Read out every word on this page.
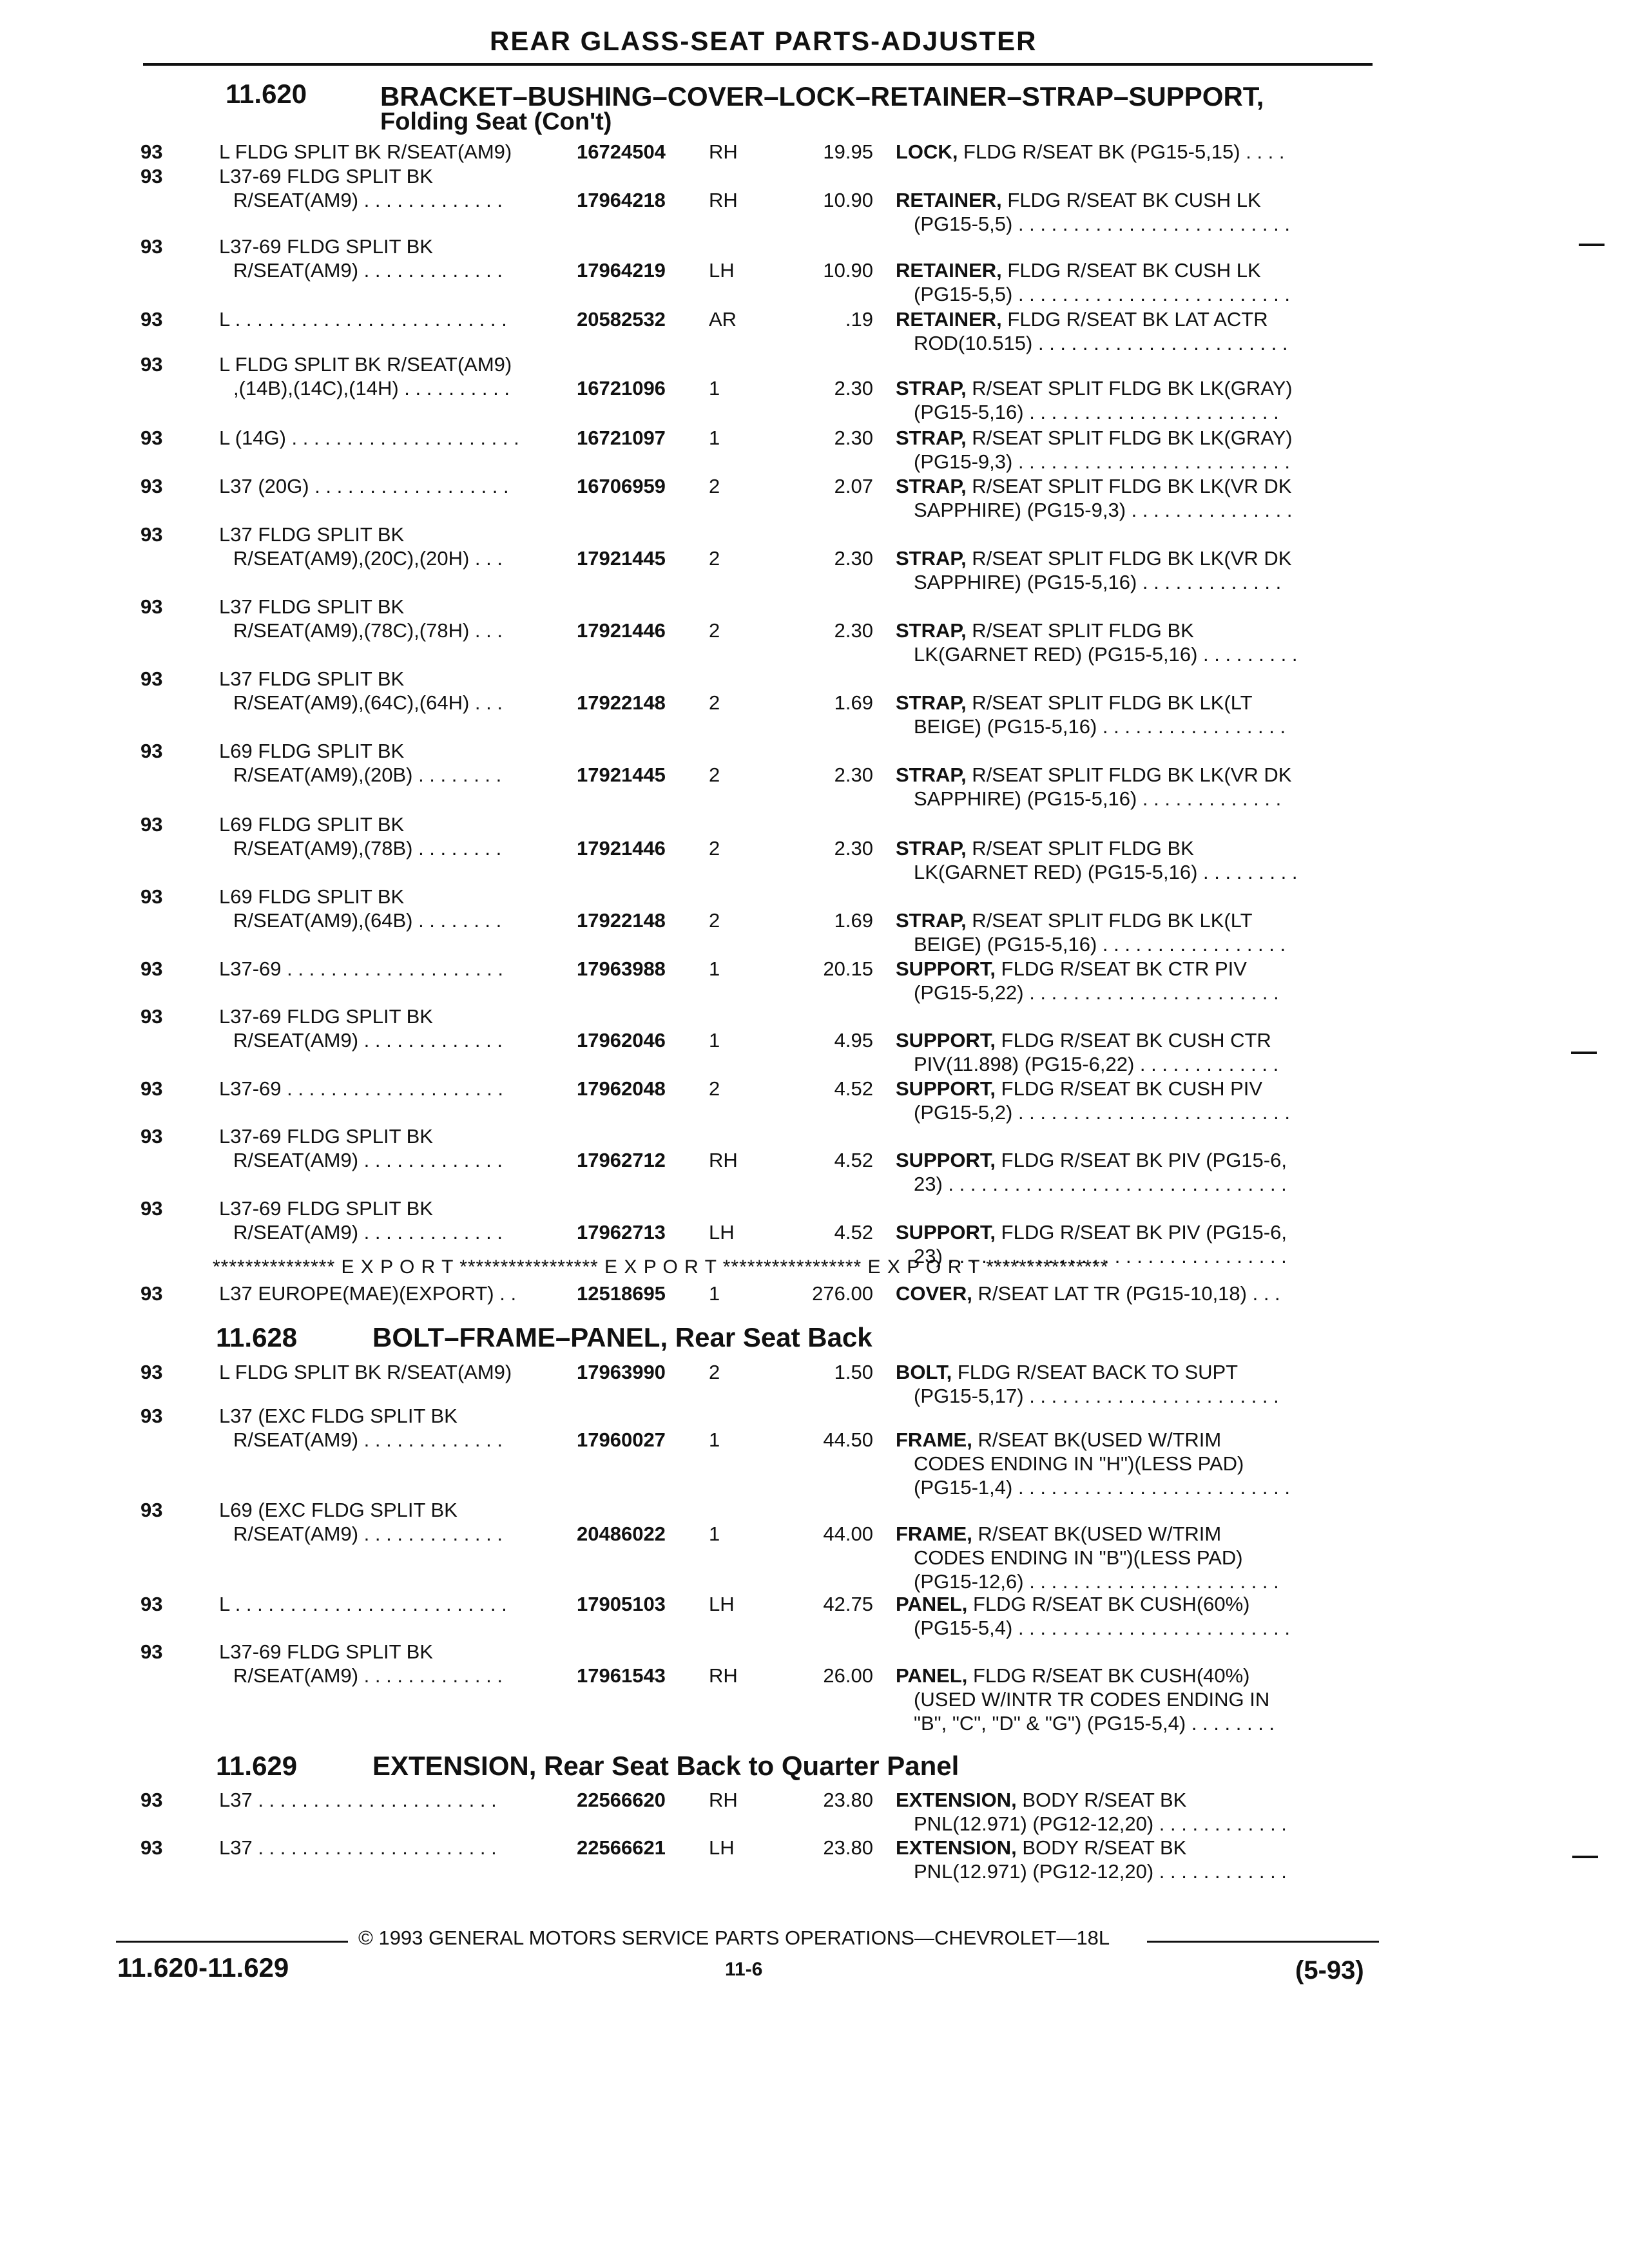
REAR GLASS-SEAT PARTS-ADJUSTER
11.620	BRACKET–BUSHING–COVER–LOCK–RETAINER–STRAP–SUPPORT,
Folding Seat (Con't)
93	L FLDG SPLIT BK R/SEAT(AM9)	16724504 RH	19.95 LOCK, FLDG R/SEAT BK (PG15-5,15) . . . .
93	L37-69 FLDG SPLIT BK
R/SEAT(AM9) . . . . . . . . . . . . .	17964218 RH	10.90 RETAINER, FLDG R/SEAT BK CUSH LK
(PG15-5,5) . . . . . . . . . . . . . . . . . . . . . . . . .
93	L37-69 FLDG SPLIT BK
R/SEAT(AM9) . . . . . . . . . . . . .	17964219 LH	10.90 RETAINER, FLDG R/SEAT BK CUSH LK
(PG15-5,5) . . . . . . . . . . . . . . . . . . . . . . . . .
93	L . . . . . . . . . . . . . . . . . . . . . . . . .	20582532 AR	.19 RETAINER, FLDG R/SEAT BK LAT ACTR
ROD(10.515) . . . . . . . . . . . . . . . . . . . . . . .
93	L FLDG SPLIT BK R/SEAT(AM9)
,(14B),(14C),(14H) . . . . . . . . . .	16721096 1	2.30 STRAP, R/SEAT SPLIT FLDG BK LK(GRAY)
(PG15-5,16) . . . . . . . . . . . . . . . . . . . . . . .
93	L (14G) . . . . . . . . . . . . . . . . . . . . .	16721097 1	2.30 STRAP, R/SEAT SPLIT FLDG BK LK(GRAY)
(PG15-9,3) . . . . . . . . . . . . . . . . . . . . . . . . .
93	L37 (20G) . . . . . . . . . . . . . . . . . .	16706959 2	2.07 STRAP, R/SEAT SPLIT FLDG BK LK(VR DK
SAPPHIRE) (PG15-9,3) . . . . . . . . . . . . . . .
93	L37 FLDG SPLIT BK
R/SEAT(AM9),(20C),(20H) . . .	17921445 2	2.30 STRAP, R/SEAT SPLIT FLDG BK LK(VR DK
SAPPHIRE) (PG15-5,16) . . . . . . . . . . . . .
93	L37 FLDG SPLIT BK
R/SEAT(AM9),(78C),(78H) . . .	17921446 2	2.30 STRAP, R/SEAT SPLIT FLDG BK
LK(GARNET RED) (PG15-5,16) . . . . . . . . .
93	L37 FLDG SPLIT BK
R/SEAT(AM9),(64C),(64H) . . .	17922148 2	1.69 STRAP, R/SEAT SPLIT FLDG BK LK(LT
BEIGE) (PG15-5,16) . . . . . . . . . . . . . . . . .
93	L69 FLDG SPLIT BK
R/SEAT(AM9),(20B) . . . . . . . .	17921445 2	2.30 STRAP, R/SEAT SPLIT FLDG BK LK(VR DK
SAPPHIRE) (PG15-5,16) . . . . . . . . . . . . .
93	L69 FLDG SPLIT BK
R/SEAT(AM9),(78B) . . . . . . . .	17921446 2	2.30 STRAP, R/SEAT SPLIT FLDG BK
LK(GARNET RED) (PG15-5,16) . . . . . . . . .
93	L69 FLDG SPLIT BK
R/SEAT(AM9),(64B) . . . . . . . .	17922148 2	1.69 STRAP, R/SEAT SPLIT FLDG BK LK(LT
BEIGE) (PG15-5,16) . . . . . . . . . . . . . . . . .
93	L37-69 . . . . . . . . . . . . . . . . . . . .	17963988 1	20.15 SUPPORT, FLDG R/SEAT BK CTR PIV
(PG15-5,22) . . . . . . . . . . . . . . . . . . . . . . .
93	L37-69 FLDG SPLIT BK
R/SEAT(AM9) . . . . . . . . . . . . .	17962046 1	4.95 SUPPORT, FLDG R/SEAT BK CUSH CTR
PIV(11.898) (PG15-6,22) . . . . . . . . . . . . .
93	L37-69 . . . . . . . . . . . . . . . . . . . .	17962048 2	4.52 SUPPORT, FLDG R/SEAT BK CUSH PIV
(PG15-5,2) . . . . . . . . . . . . . . . . . . . . . . . . .
93	L37-69 FLDG SPLIT BK
R/SEAT(AM9) . . . . . . . . . . . . .	17962712 RH	4.52 SUPPORT, FLDG R/SEAT BK PIV (PG15-6,
23) . . . . . . . . . . . . . . . . . . . . . . . . . . . . . . .
93	L37-69 FLDG SPLIT BK
R/SEAT(AM9) . . . . . . . . . . . . .	17962713 LH	4.52 SUPPORT, FLDG R/SEAT BK PIV (PG15-6,
23) . . . . . . . . . . . . . . . . . . . . . . . . . . . . . . .
*************** E X P O R T ***************** E X P O R T ***************** E X P O R T ***************
93	L37 EUROPE(MAE)(EXPORT) . .	12518695 1	276.00 COVER, R/SEAT LAT TR (PG15-10,18) . . .
11.628	BOLT–FRAME–PANEL, Rear Seat Back
93	L FLDG SPLIT BK R/SEAT(AM9)	17963990 2	1.50 BOLT, FLDG R/SEAT BACK TO SUPT
(PG15-5,17) . . . . . . . . . . . . . . . . . . . . . . .
93	L37 (EXC FLDG SPLIT BK
R/SEAT(AM9) . . . . . . . . . . . . .	17960027 1	44.50 FRAME, R/SEAT BK(USED W/TRIM
CODES ENDING IN "H")(LESS PAD)
(PG15-1,4) . . . . . . . . . . . . . . . . . . . . . . . . .
93	L69 (EXC FLDG SPLIT BK
R/SEAT(AM9) . . . . . . . . . . . . .	20486022 1	44.00 FRAME, R/SEAT BK(USED W/TRIM
CODES ENDING IN "B")(LESS PAD)
(PG15-12,6) . . . . . . . . . . . . . . . . . . . . . . .
93	L . . . . . . . . . . . . . . . . . . . . . . . . .	17905103 LH	42.75 PANEL, FLDG R/SEAT BK CUSH(60%)
(PG15-5,4) . . . . . . . . . . . . . . . . . . . . . . . . .
93	L37-69 FLDG SPLIT BK
R/SEAT(AM9) . . . . . . . . . . . . .	17961543 RH	26.00 PANEL, FLDG R/SEAT BK CUSH(40%)
(USED W/INTR TR CODES ENDING IN
"B", "C", "D" & "G") (PG15-5,4) . . . . . . . .
11.629	EXTENSION, Rear Seat Back to Quarter Panel
93	L37 . . . . . . . . . . . . . . . . . . . . . .	22566620 RH	23.80 EXTENSION, BODY R/SEAT BK
PNL(12.971) (PG12-12,20) . . . . . . . . . . . .
93	L37 . . . . . . . . . . . . . . . . . . . . . .	22566621 LH	23.80 EXTENSION, BODY R/SEAT BK
PNL(12.971) (PG12-12,20) . . . . . . . . . . . .
© 1993 GENERAL MOTORS SERVICE PARTS OPERATIONS—CHEVROLET—18L
11.620-11.629	11-6	(5-93)
